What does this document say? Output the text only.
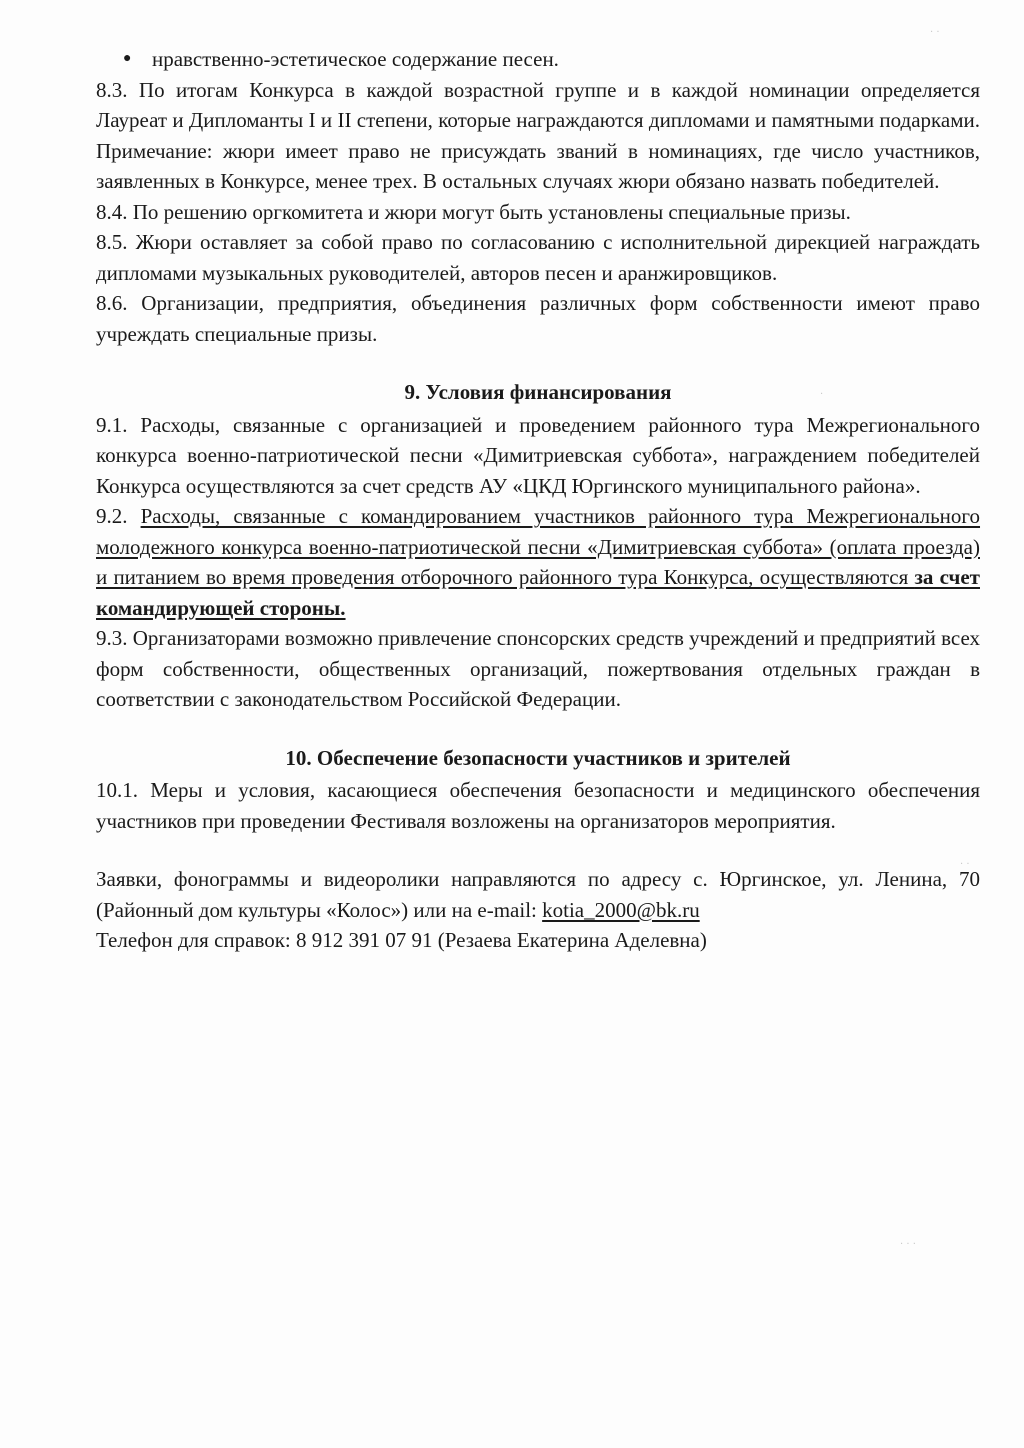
● нравственно-эстетическое содержание песен.

8.3. По итогам Конкурса в каждой возрастной группе и в каждой номинации определяется Лауреат и Дипломанты I и II степени, которые награждаются дипломами и памятными подарками. Примечание: жюри имеет право не присуждать званий в номинациях, где число участников, заявленных в Конкурсе, менее трех. В остальных случаях жюри обязано назвать победителей.

8.4. По решению оргкомитета и жюри могут быть установлены специальные призы.

8.5. Жюри оставляет за собой право по согласованию с исполнительной дирекцией награждать дипломами музыкальных руководителей, авторов песен и аранжировщиков.

8.6. Организации, предприятия, объединения различных форм собственности имеют право учреждать специальные призы.

9. Условия финансирования

9.1. Расходы, связанные с организацией и проведением районного тура Межрегионального конкурса военно-патриотической песни «Димитриевская суббота», награждением победителей Конкурса осуществляются за счет средств АУ «ЦКД Юргинского муниципального района».

9.2. Расходы, связанные с командированием участников районного тура Межрегионального молодежного конкурса военно-патриотической песни «Димитриевская суббота» (оплата проезда) и питанием во время проведения отборочного районного тура Конкурса, осуществляются за счет командирующей стороны.

9.3. Организаторами возможно привлечение спонсорских средств учреждений и предприятий всех форм собственности, общественных организаций, пожертвования отдельных граждан в соответствии с законодательством Российской Федерации.

10. Обеспечение безопасности участников и зрителей

10.1. Меры и условия, касающиеся обеспечения безопасности и медицинского обеспечения участников при проведении Фестиваля возложены на организаторов мероприятия.

Заявки, фонограммы и видеоролики направляются по адресу с. Юргинское, ул. Ленина, 70 (Районный дом культуры «Колос») или на e-mail: kotia_2000@bk.ru

Телефон для справок: 8 912 391 07 91 (Резаева Екатерина Аделевна)

· ·
·
· ·
· · ·
